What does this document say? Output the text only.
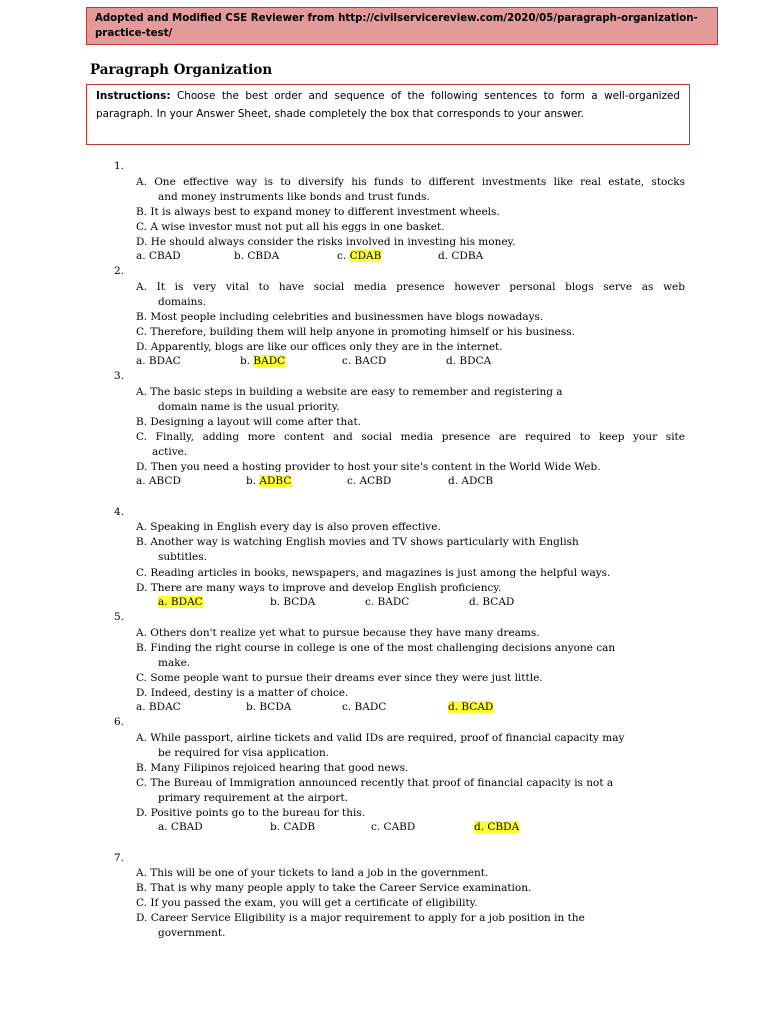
Adopted and Modified CSE Reviewer from http://civilservicereview.com/2020/05/paragraph-organization-practice-test/
Paragraph Organization
Instructions: Choose the best order and sequence of the following sentences to form a well-organized paragraph. In your Answer Sheet, shade completely the box that corresponds to your answer.
1.
A. One effective way is to diversify his funds to different investments like real estate, stocks
and money instruments like bonds and trust funds.
B. It is always best to expand money to different investment wheels.
C. A wise investor must not put all his eggs in one basket.
D. He should always consider the risks involved in investing his money.
a. CBAD	b. CBDA	c. CDAB	d. CDBA
2.
A. It is very vital to have social media presence however personal blogs serve as web
domains.
B. Most people including celebrities and businessmen have blogs nowadays.
C. Therefore, building them will help anyone in promoting himself or his business.
D. Apparently, blogs are like our offices only they are in the internet.
a. BDAC	b. BADC	c. BACD	d. BDCA
3.
A. The basic steps in building a website are easy to remember and registering a
domain name is the usual priority.
B. Designing a layout will come after that.
C. Finally, adding more content and social media presence are required to keep your site
active.
D. Then you need a hosting provider to host your site's content in the World Wide Web.
a. ABCD	b. ADBC	c. ACBD	d. ADCB
4.
A. Speaking in English every day is also proven effective.
B. Another way is watching English movies and TV shows particularly with English
subtitles.
C. Reading articles in books, newspapers, and magazines is just among the helpful ways.
D. There are many ways to improve and develop English proficiency.
a. BDAC	b. BCDA	c. BADC	d. BCAD
5.
A. Others don't realize yet what to pursue because they have many dreams.
B. Finding the right course in college is one of the most challenging decisions anyone can
make.
C. Some people want to pursue their dreams ever since they were just little.
D. Indeed, destiny is a matter of choice.
a. BDAC	b. BCDA	c. BADC	d. BCAD
6.
A. While passport, airline tickets and valid IDs are required, proof of financial capacity may
be required for visa application.
B. Many Filipinos rejoiced hearing that good news.
C. The Bureau of Immigration announced recently that proof of financial capacity is not a
primary requirement at the airport.
D. Positive points go to the bureau for this.
a. CBAD	b. CADB	c. CABD	d. CBDA
7.
A. This will be one of your tickets to land a job in the government.
B. That is why many people apply to take the Career Service examination.
C. If you passed the exam, you will get a certificate of eligibility.
D. Career Service Eligibility is a major requirement to apply for a job position in the
government.
